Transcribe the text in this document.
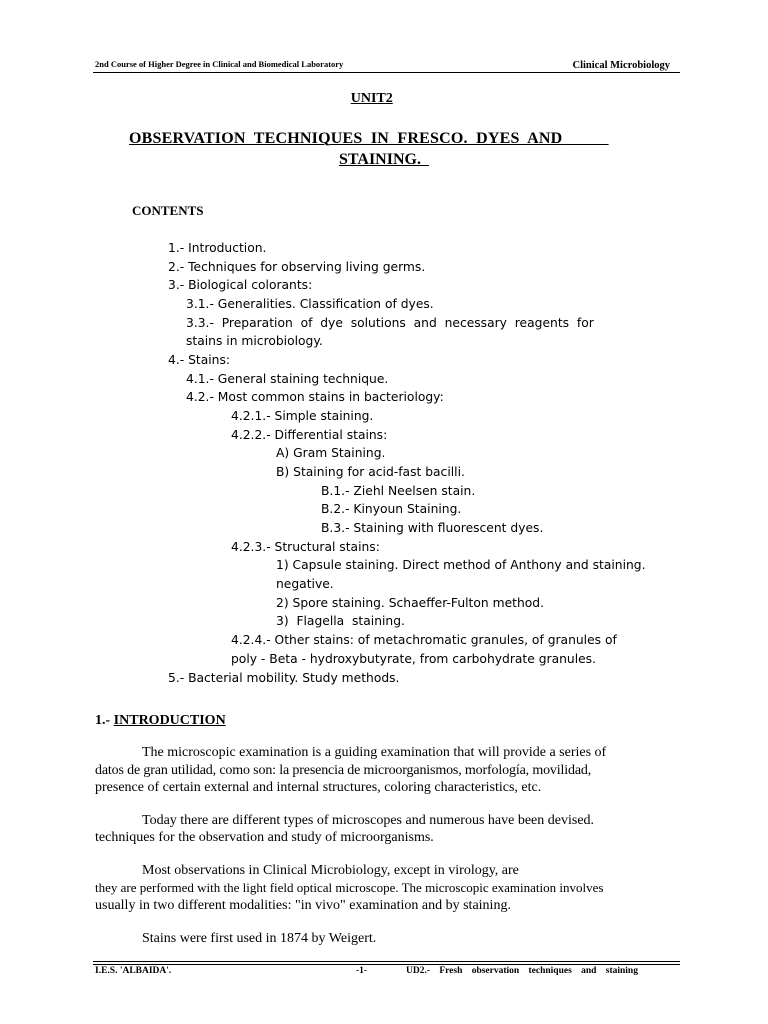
2nd Course of Higher Degree in Clinical and Biomedical Laboratory	Clinical Microbiology
UNIT2
OBSERVATION  TECHNIQUES  IN  FRESCO.  DYES  AND
STAINING.
CONTENTS
1.- Introduction.
2.- Techniques for observing living germs.
3.- Biological colorants:
3.1.- Generalities. Classification of dyes.
3.3.-  Preparation  of  dye  solutions  and  necessary  reagents  for
stains in microbiology.
4.- Stains:
4.1.- General staining technique.
4.2.- Most common stains in bacteriology:
4.2.1.- Simple staining.
4.2.2.- Differential stains:
A) Gram Staining.
B) Staining for acid-fast bacilli.
B.1.- Ziehl Neelsen stain.
B.2.- Kinyoun Staining.
B.3.- Staining with fluorescent dyes.
4.2.3.- Structural stains:
1) Capsule staining. Direct method of Anthony and staining.
negative.
2) Spore staining. Schaeffer-Fulton method.
3)  Flagella  staining.
4.2.4.- Other stains: of metachromatic granules, of granules of
poly - Beta - hydroxybutyrate, from carbohydrate granules.
5.- Bacterial mobility. Study methods.
1.- INTRODUCTION
The microscopic examination is a guiding examination that will provide a series of
datos de gran utilidad, como son: la presencia de microorganismos, morfología, movilidad,
presence of certain external and internal structures, coloring characteristics, etc.
Today there are different types of microscopes and numerous have been devised.
techniques for the observation and study of microorganisms.
Most observations in Clinical Microbiology, except in virology, are
they are performed with the light field optical microscope. The microscopic examination involves
usually in two different modalities: "in vivo" examination and by staining.
Stains were first used in 1874 by Weigert.
I.E.S. 'ALBAIDA'.	-1-	UD2.- Fresh observation techniques and staining
